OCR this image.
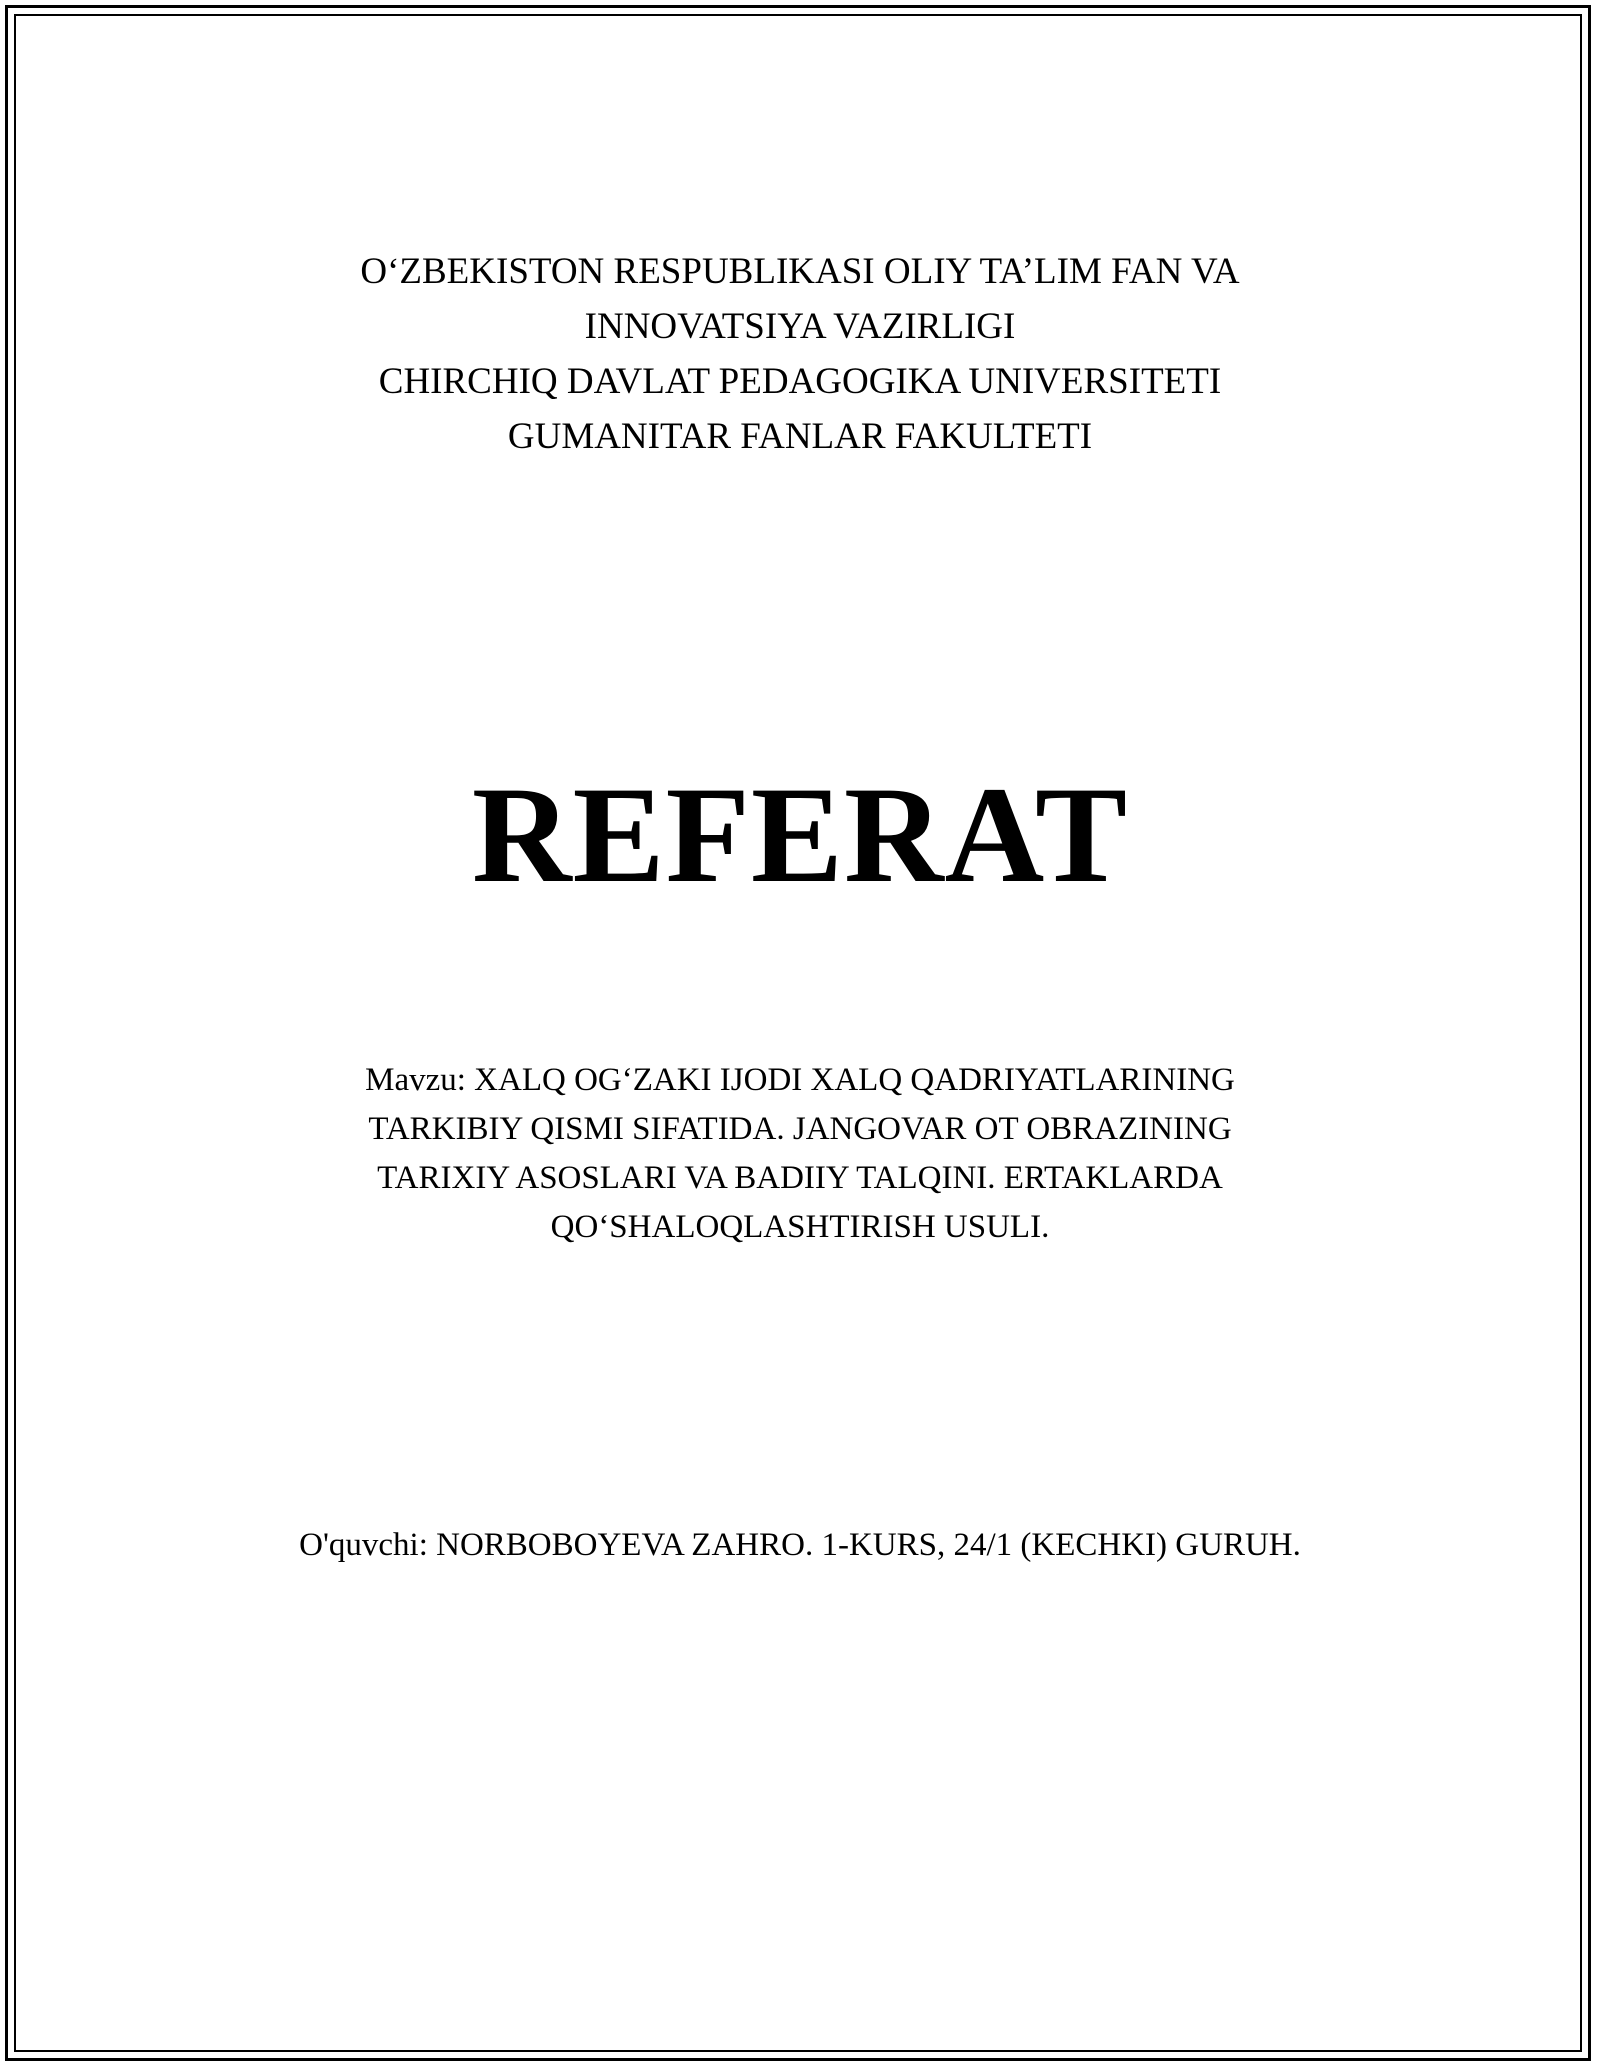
O‘ZBEKISTON RESPUBLIKASI OLIY TA’LIM FAN VA
INNOVATSIYA VAZIRLIGI
CHIRCHIQ DAVLAT PEDAGOGIKA UNIVERSITETI
GUMANITAR FANLAR FAKULTETI
REFERAT
Mavzu: XALQ OG‘ZAKI IJODI XALQ QADRIYATLARINING
TARKIBIY QISMI SIFATIDA. JANGOVAR OT OBRAZINING
TARIXIY ASOSLARI VA BADIIY TALQINI. ERTAKLARDA
QO‘SHALOQLASHTIRISH USULI.
O'quvchi: NORBOBOYEVA ZAHRO. 1-KURS, 24/1 (KECHKI) GURUH.
